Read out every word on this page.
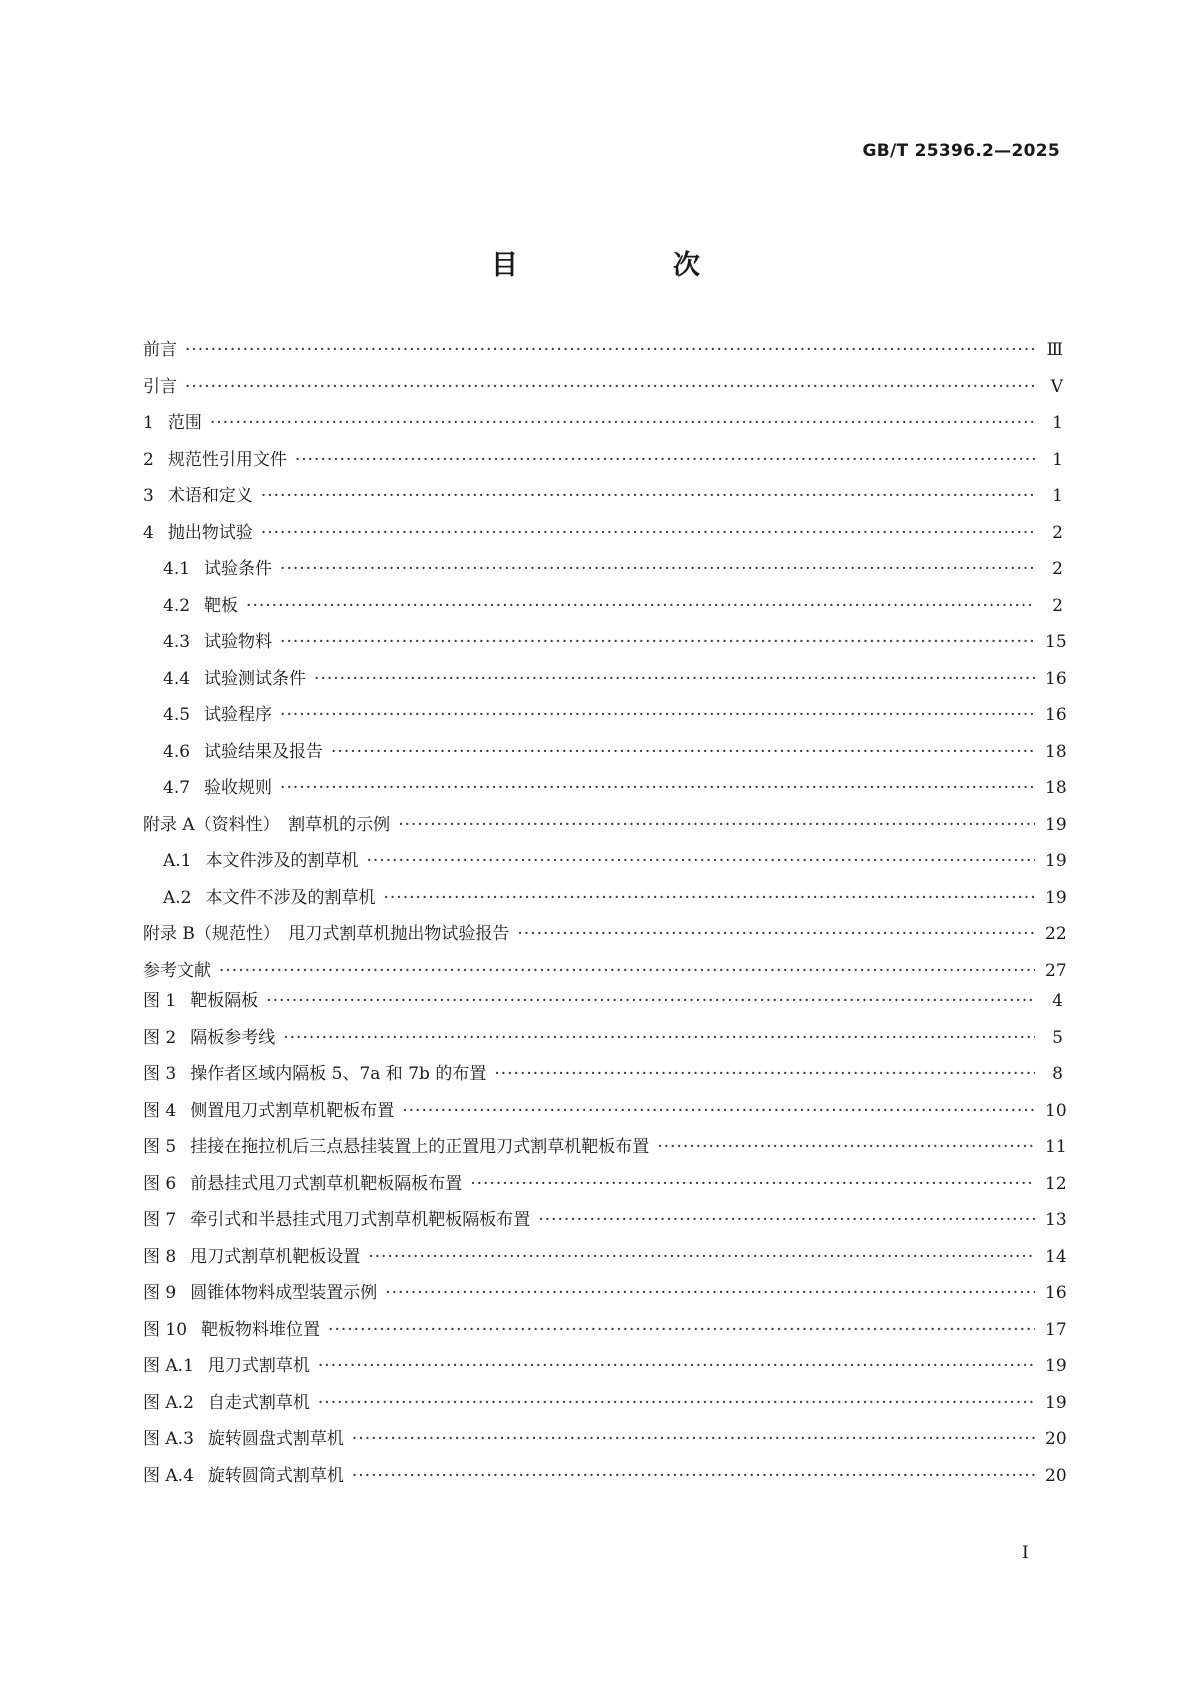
GB/T 25396.2—2025
目　次
前言 ·····	Ⅲ
引言 ·····	Ⅴ
1 范围 ·····	1
2 规范性引用文件 ·····	1
3 术语和定义 ·····	1
4 抛出物试验 ·····	2
4.1 试验条件 ·····	2
4.2 靶板 ·····	2
4.3 试验物料 ·····	15
4.4 试验测试条件 ·····	16
4.5 试验程序 ·····	16
4.6 试验结果及报告 ·····	18
4.7 验收规则 ·····	18
附录 A（资料性）　割草机的示例 ·····	19
A.1 本文件涉及的割草机 ·····	19
A.2 本文件不涉及的割草机 ·····	19
附录 B（规范性）　甩刀式割草机抛出物试验报告 ·····	22
参考文献 ·····	27
图 1 靶板隔板 ·····	4
图 2 隔板参考线 ·····	5
图 3 操作者区域内隔板 5、7a 和 7b 的布置 ·····	8
图 4 侧置甩刀式割草机靶板布置 ·····	10
图 5 挂接在拖拉机后三点悬挂装置上的正置甩刀式割草机靶板布置 ·····	11
图 6 前悬挂式甩刀式割草机靶板隔板布置 ·····	12
图 7 牵引式和半悬挂式甩刀式割草机靶板隔板布置 ·····	13
图 8 甩刀式割草机靶板设置 ·····	14
图 9 圆锥体物料成型装置示例 ·····	16
图 10 靶板物料堆位置 ·····	17
图 A.1 甩刀式割草机 ·····	19
图 A.2 自走式割草机 ·····	19
图 A.3 旋转圆盘式割草机 ·····	20
图 A.4 旋转圆筒式割草机 ·····	20
I
